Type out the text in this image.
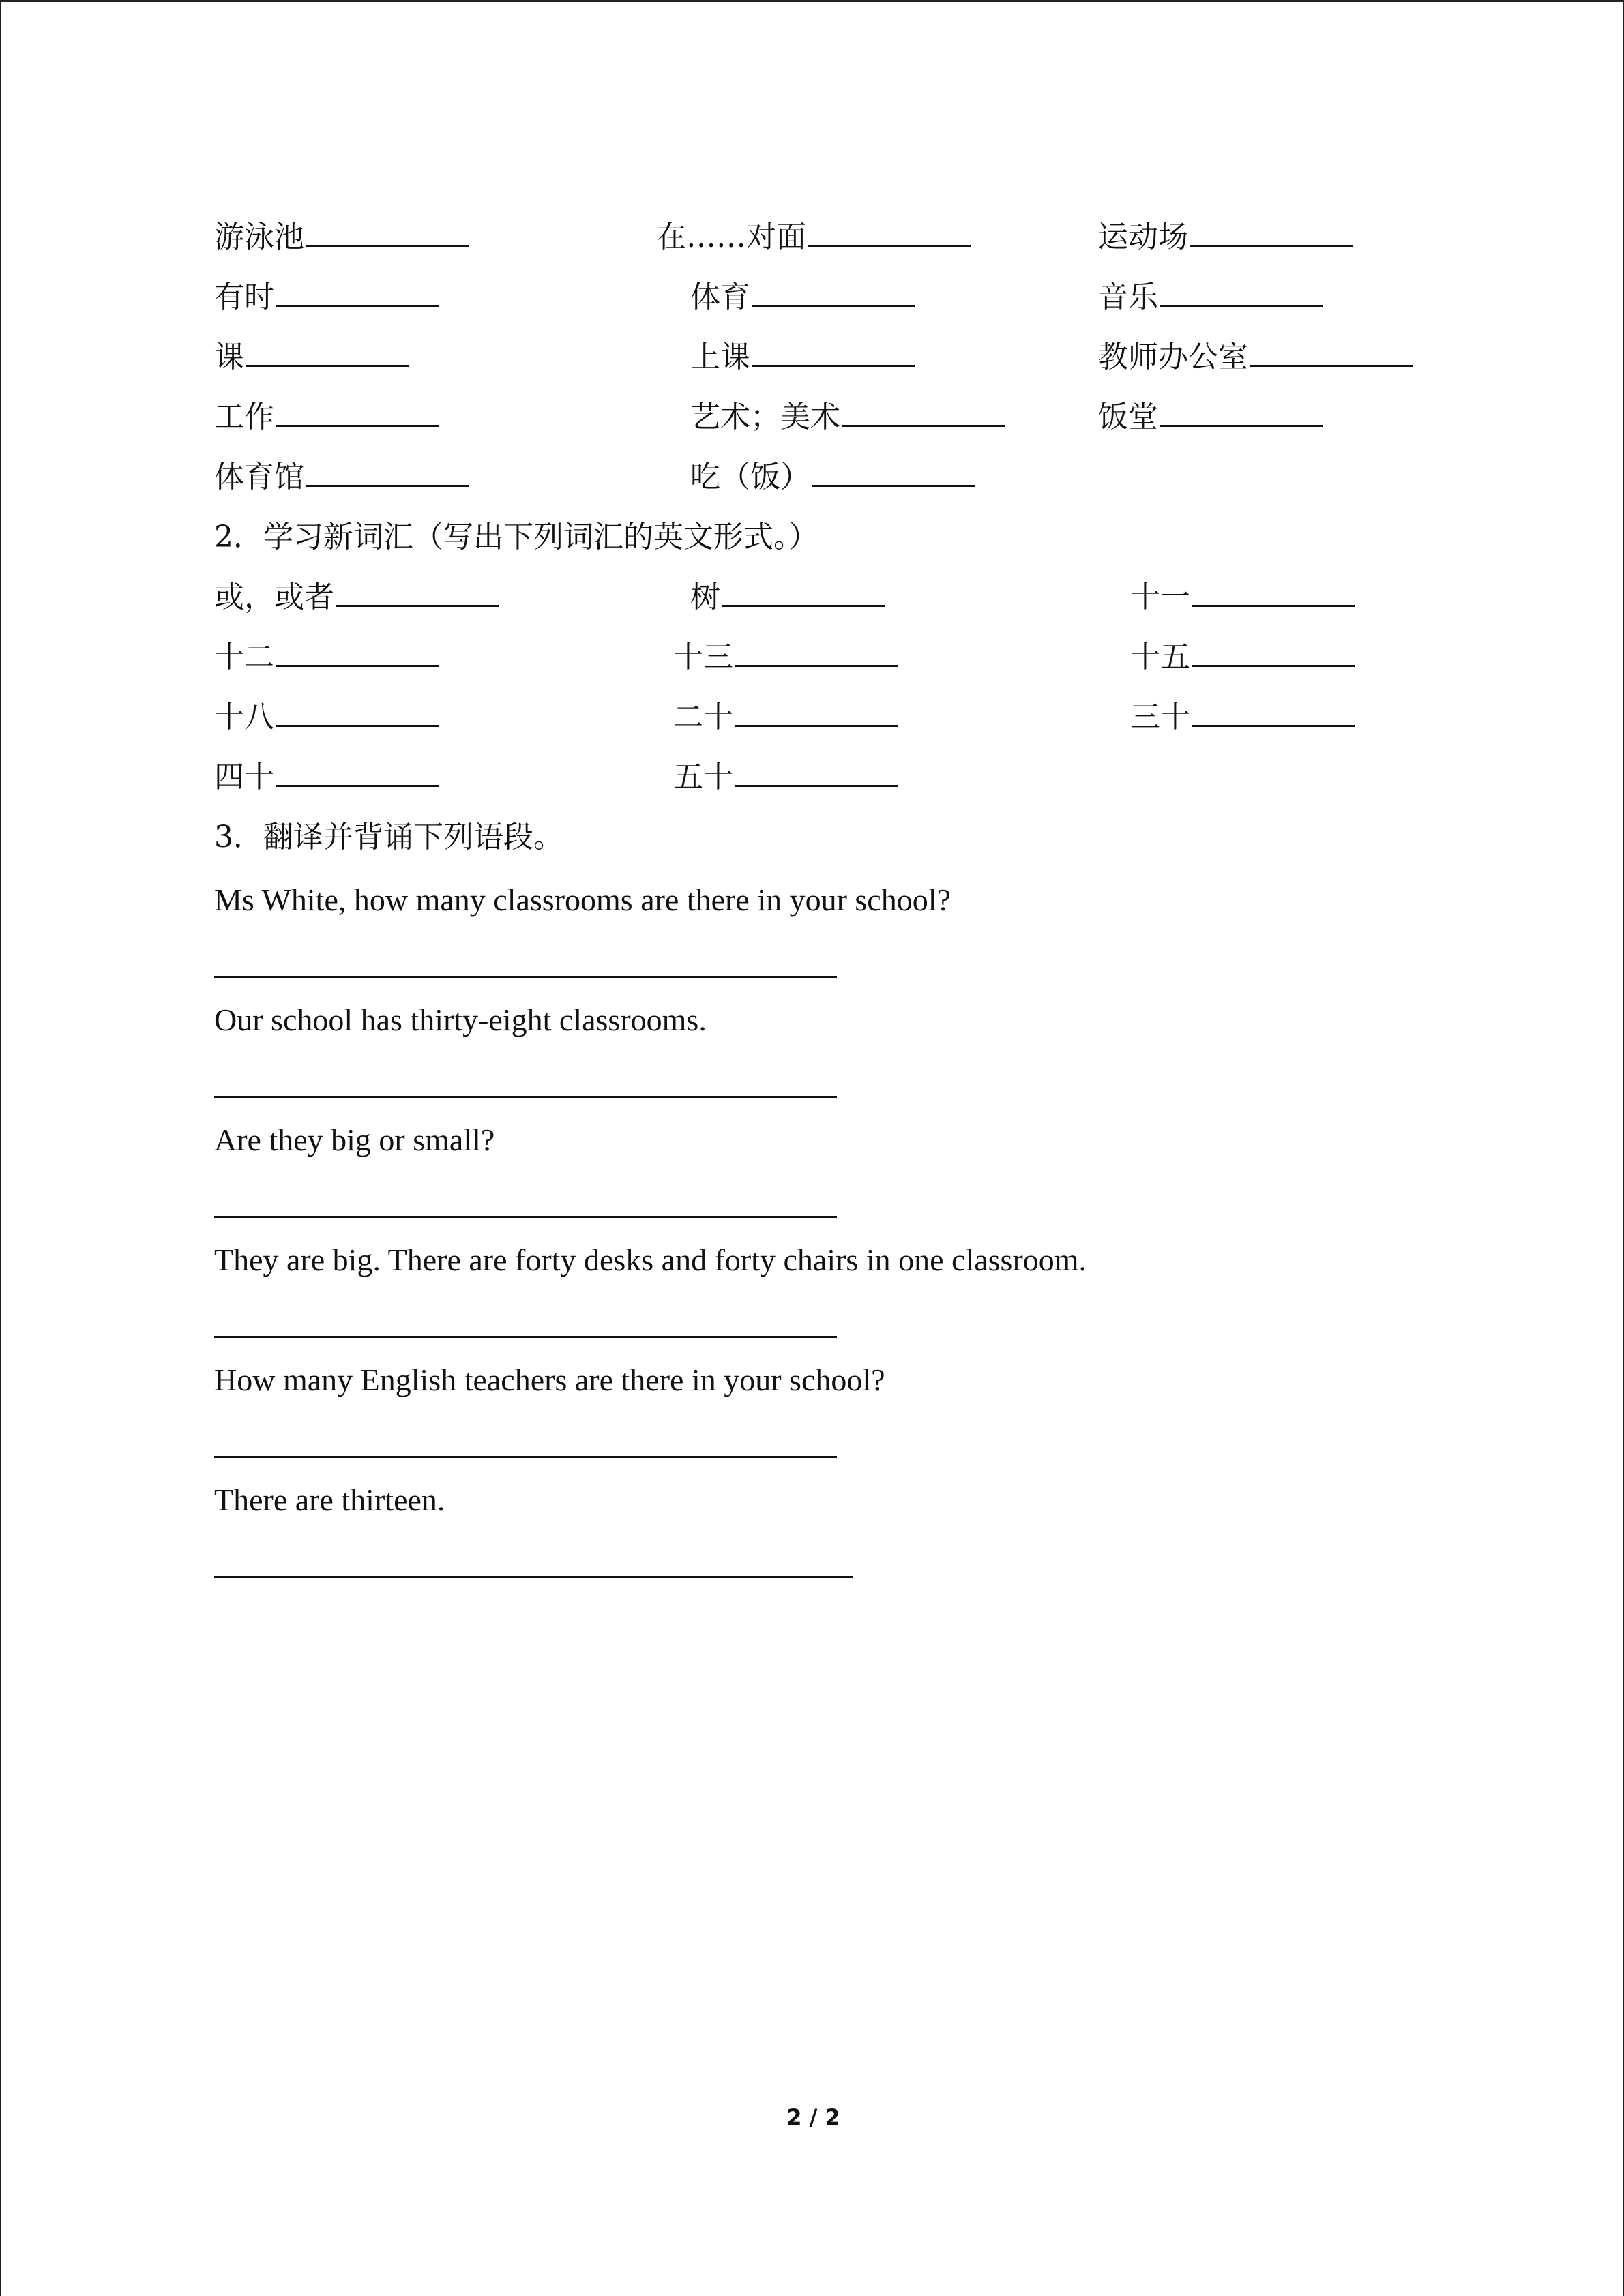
游泳池	在……对面	运动场
有时	体育	音乐
课	上课	教师办公室
工作	艺术；美术	饭堂
体育馆	吃（饭）
2．学习新词汇（写出下列词汇的英文形式。）
或，或者	树	十一
十二	十三	十五
十八	二十	三十
四十	五十
3．翻译并背诵下列语段。
Ms White, how many classrooms are there in your school?
Our school has thirty-eight classrooms.
Are they big or small?
They are big. There are forty desks and forty chairs in one classroom.
How many English teachers are there in your school?
There are thirteen.
2 / 2
